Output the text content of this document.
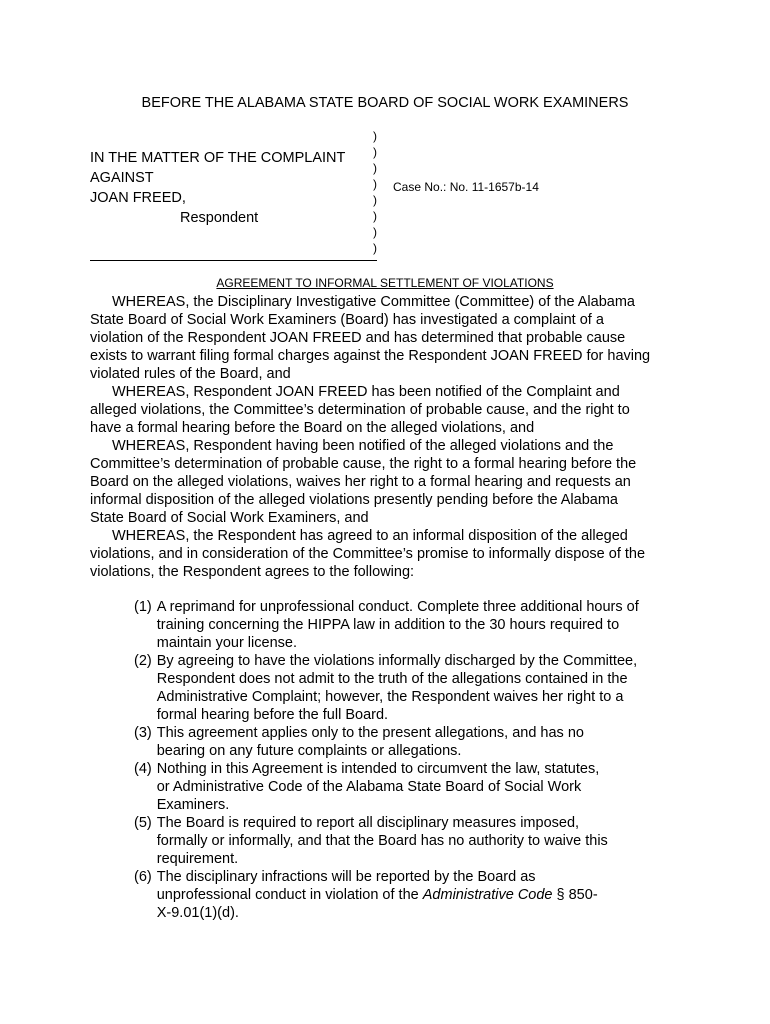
BEFORE THE ALABAMA STATE BOARD OF SOCIAL WORK EXAMINERS
IN THE MATTER OF THE COMPLAINT
AGAINST
JOAN FREED,
Respondent
)
)
)
)
)
)
)
)
Case No.: No. 11-1657b-14
AGREEMENT TO INFORMAL SETTLEMENT OF VIOLATIONS
WHEREAS, the Disciplinary Investigative Committee (Committee) of the Alabama
State Board of Social Work Examiners (Board) has investigated a complaint of a
violation of the Respondent JOAN FREED and has determined that probable cause
exists to warrant filing formal charges against the Respondent JOAN FREED for having
violated rules of the Board, and
WHEREAS, Respondent JOAN FREED has been notified of the Complaint and
alleged violations, the Committee’s determination of probable cause, and the right to
have a formal hearing before the Board on the alleged violations, and
WHEREAS, Respondent having been notified of the alleged violations and the
Committee’s determination of probable cause, the right to a formal hearing before the
Board on the alleged violations, waives her right to a formal hearing and requests an
informal disposition of the alleged violations presently pending before the Alabama
State Board of Social Work Examiners, and
WHEREAS, the Respondent has agreed to an informal disposition of the alleged
violations, and in consideration of the Committee’s promise to informally dispose of the
violations, the Respondent agrees to the following:
(1) A reprimand for unprofessional conduct. Complete three additional hours of
training concerning the HIPPA law in addition to the 30 hours required to
maintain your license.
(2) By agreeing to have the violations informally discharged by the Committee,
Respondent does not admit to the truth of the allegations contained in the
Administrative Complaint; however, the Respondent waives her right to a
formal hearing before the full Board.
(3) This agreement applies only to the present allegations, and has no
bearing on any future complaints or allegations.
(4) Nothing in this Agreement is intended to circumvent the law, statutes,
or Administrative Code of the Alabama State Board of Social Work
Examiners.
(5) The Board is required to report all disciplinary measures imposed,
formally or informally, and that the Board has no authority to waive this
requirement.
(6) The disciplinary infractions will be reported by the Board as
unprofessional conduct in violation of the Administrative Code § 850-
X-9.01(1)(d).
